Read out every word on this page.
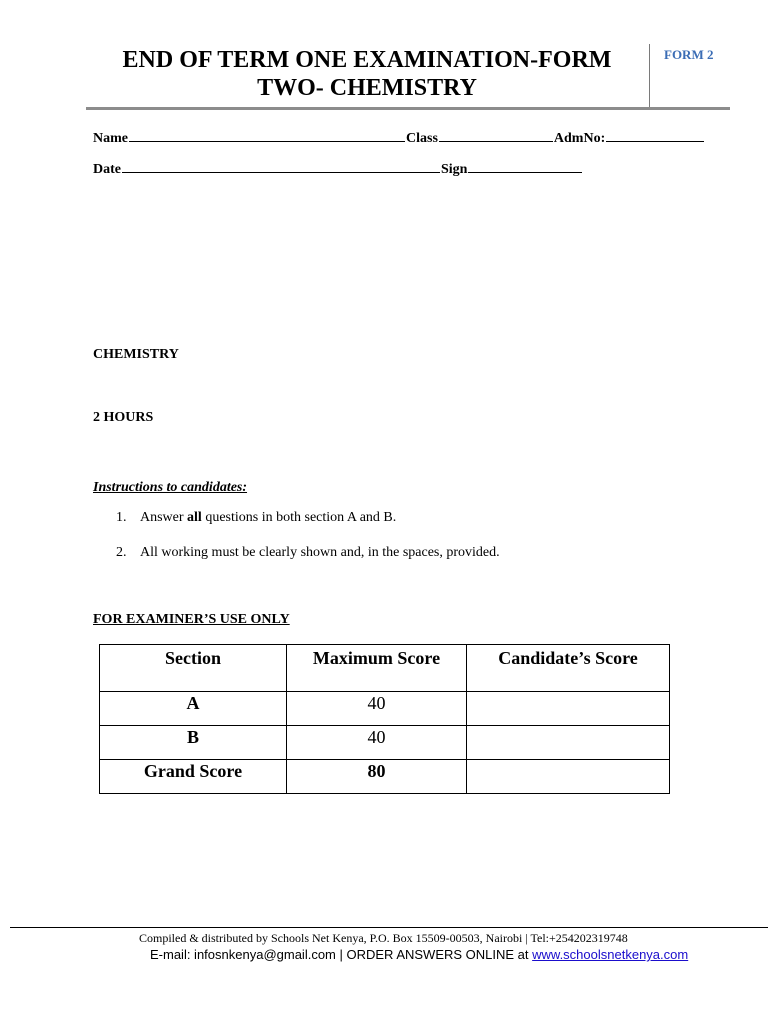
END OF TERM ONE EXAMINATION-FORM
TWO- CHEMISTRY
FORM 2
Name	Class	AdmNo:
Date	Sign
CHEMISTRY
2 HOURS
Instructions to candidates:
1. Answer all questions in both section A and B.
2. All working must be clearly shown and, in the spaces, provided.
FOR EXAMINER’S USE ONLY
Section	Maximum Score	Candidate’s Score
A	40	
B	40	
Grand Score	80	
Compiled & distributed by Schools Net Kenya, P.O. Box 15509-00503, Nairobi | Tel:+254202319748
E-mail: infosnkenya@gmail.com | ORDER ANSWERS ONLINE at www.schoolsnetkenya.com
